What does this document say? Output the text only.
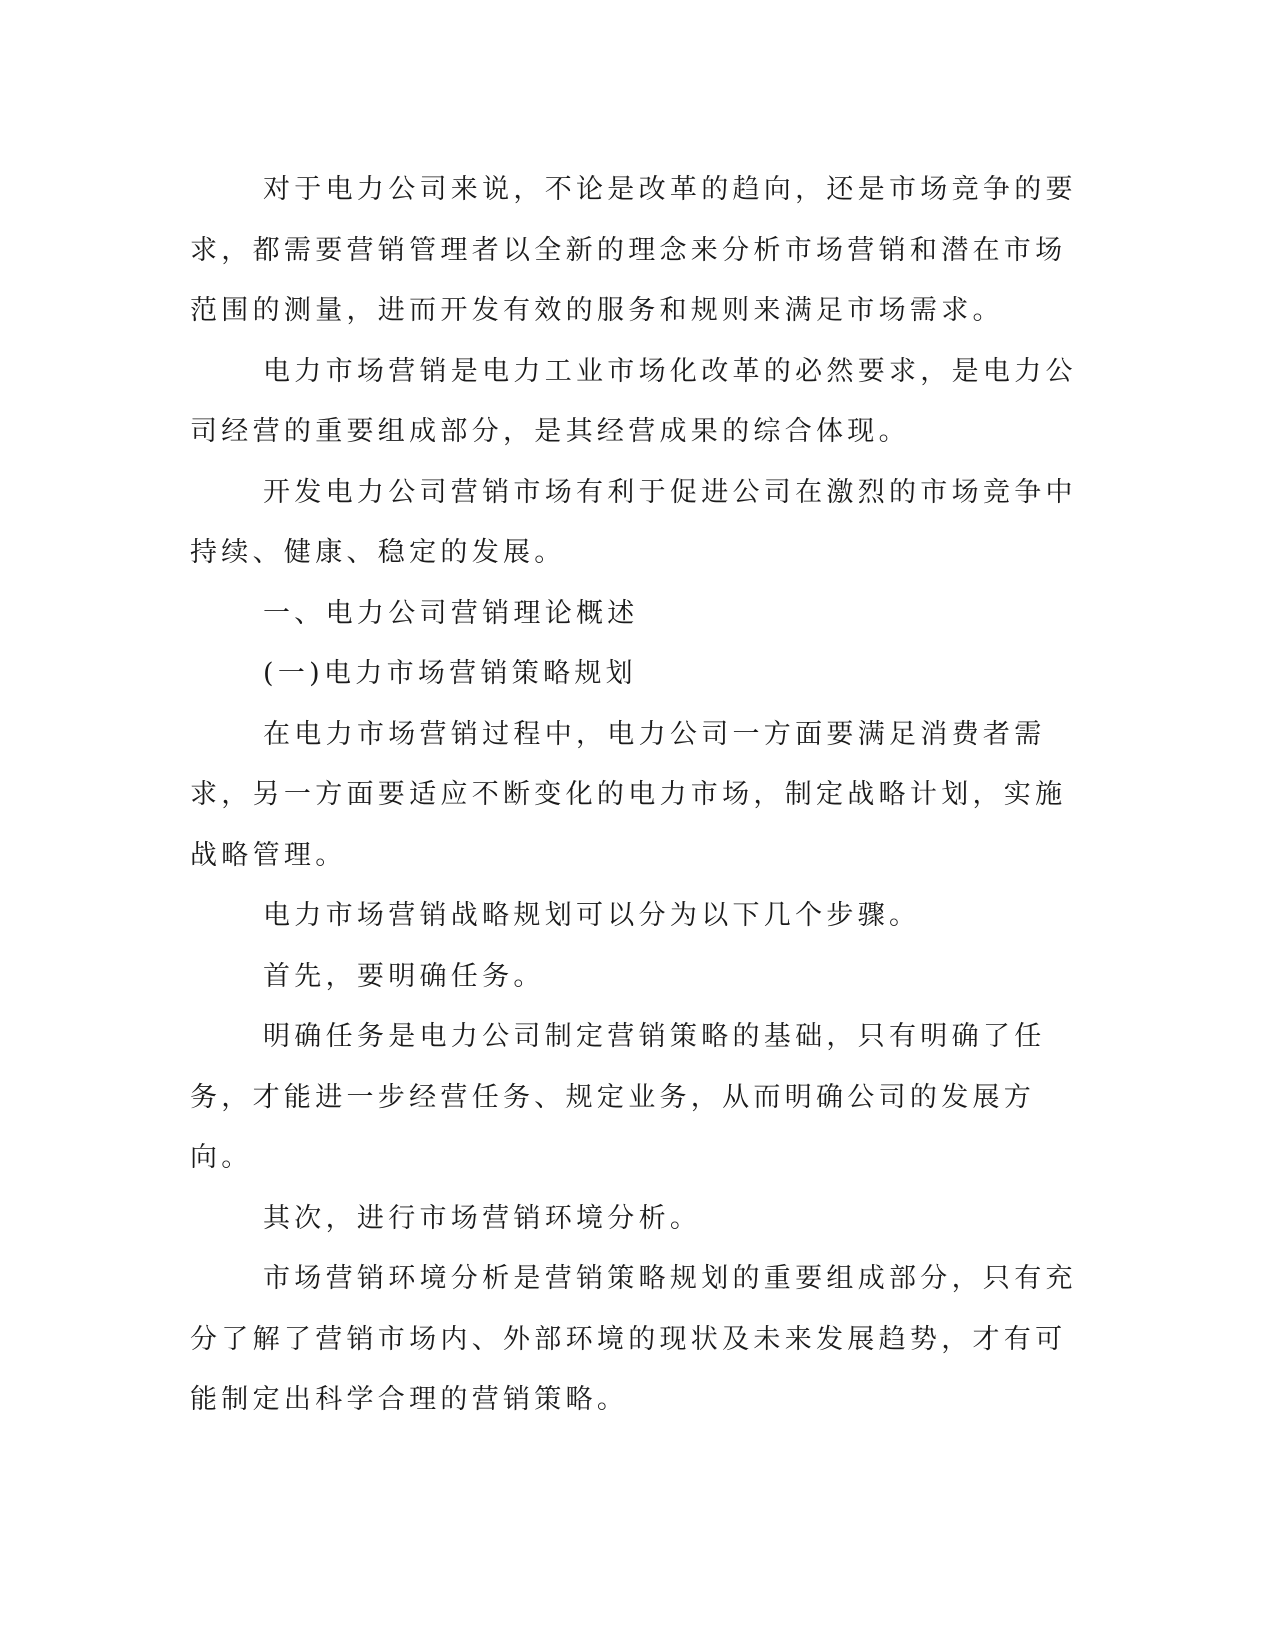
对于电力公司来说，不论是改革的趋向，还是市场竞争的要求，都需要营销管理者以全新的理念来分析市场营销和潜在市场范围的测量，进而开发有效的服务和规则来满足市场需求。

电力市场营销是电力工业市场化改革的必然要求，是电力公司经营的重要组成部分，是其经营成果的综合体现。

开发电力公司营销市场有利于促进公司在激烈的市场竞争中持续、健康、稳定的发展。

一、电力公司营销理论概述

(一)电力市场营销策略规划

在电力市场营销过程中，电力公司一方面要满足消费者需求，另一方面要适应不断变化的电力市场，制定战略计划，实施战略管理。

电力市场营销战略规划可以分为以下几个步骤。

首先，要明确任务。

明确任务是电力公司制定营销策略的基础，只有明确了任务，才能进一步经营任务、规定业务，从而明确公司的发展方向。

其次，进行市场营销环境分析。

市场营销环境分析是营销策略规划的重要组成部分，只有充分了解了营销市场内、外部环境的现状及未来发展趋势，才有可能制定出科学合理的营销策略。
